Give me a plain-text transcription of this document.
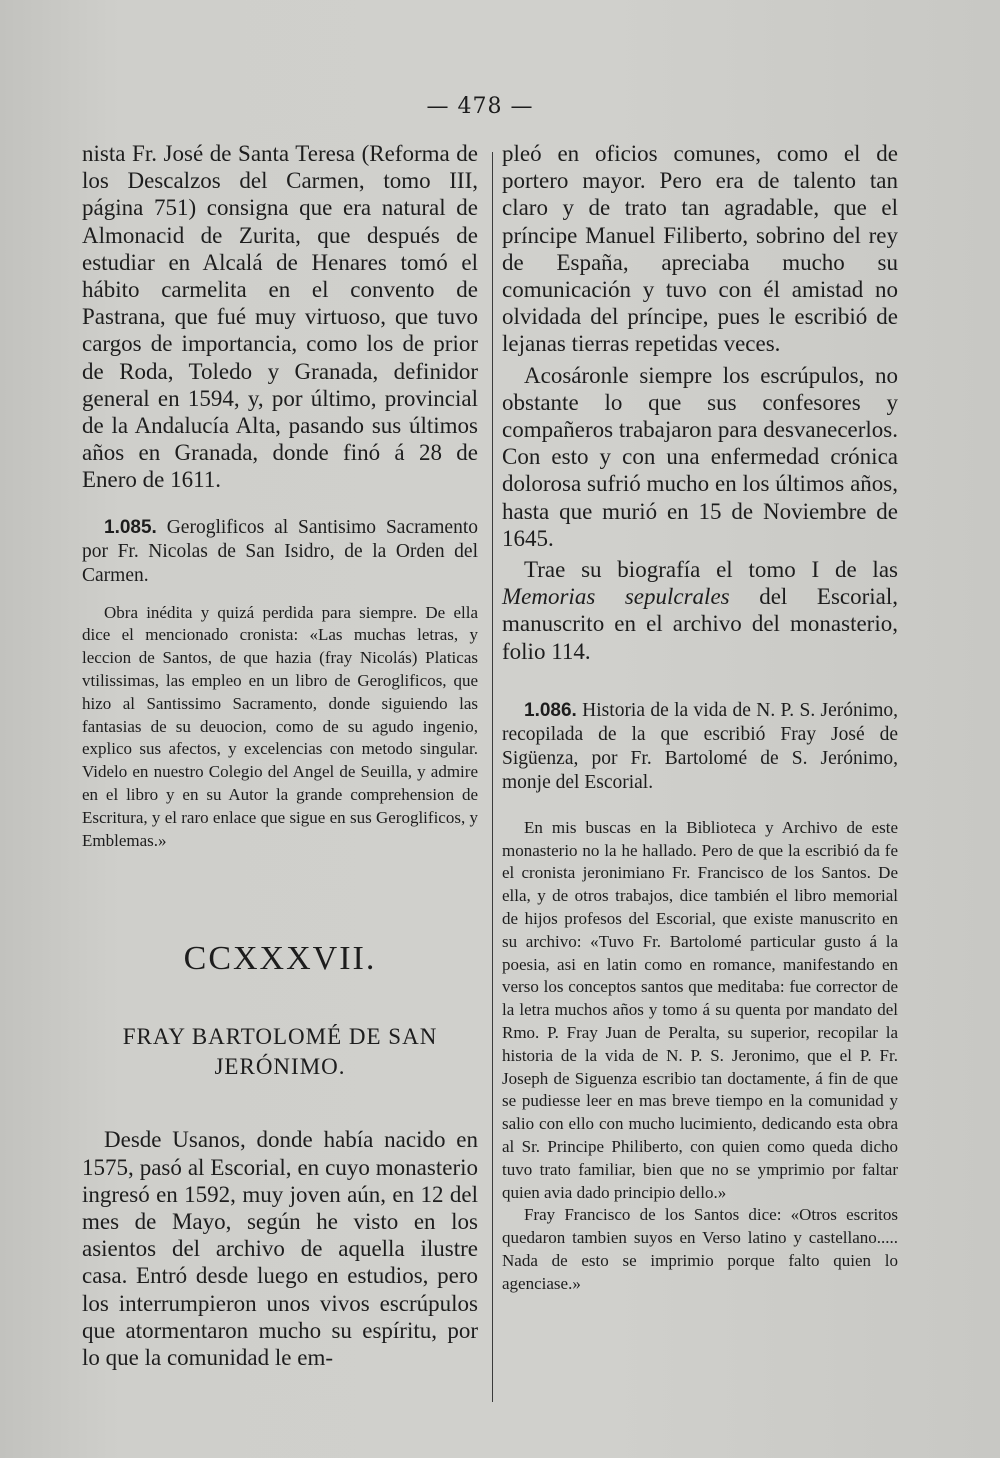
— 478 —

nista Fr. José de Santa Teresa (Reforma de los Descalzos del Carmen, tomo III, página 751) consigna que era natural de Almonacid de Zurita, que después de estudiar en Alcalá de Henares tomó el hábito carmelita en el convento de Pastrana, que fué muy virtuoso, que tuvo cargos de importancia, como los de prior de Roda, Toledo y Granada, definidor general en 1594, y, por último, provincial de la Andalucía Alta, pasando sus últimos años en Granada, donde finó á 28 de Enero de 1611.

1.085. Geroglificos al Santisimo Sacramento por Fr. Nicolas de San Isidro, de la Orden del Carmen.

Obra inédita y quizá perdida para siempre. De ella dice el mencionado cronista: «Las muchas letras, y leccion de Santos, de que hazia (fray Nicolás) Platicas vtilissimas, las empleo en un libro de Geroglificos, que hizo al Santissimo Sacramento, donde siguiendo las fantasias de su deuocion, como de su agudo ingenio, explico sus afectos, y excelencias con metodo singular. Videlo en nuestro Colegio del Angel de Seuilla, y admire en el libro y en su Autor la grande comprehension de Escritura, y el raro enlace que sigue en sus Geroglificos, y Emblemas.»

CCXXXVII.

FRAY BARTOLOMÉ DE SAN

JERÓNIMO.

Desde Usanos, donde había nacido en 1575, pasó al Escorial, en cuyo monasterio ingresó en 1592, muy joven aún, en 12 del mes de Mayo, según he visto en los asientos del archivo de aquella ilustre casa. Entró desde luego en estudios, pero los interrumpieron unos vivos escrúpulos que atormentaron mucho su espíritu, por lo que la comunidad le em-

pleó en oficios comunes, como el de portero mayor. Pero era de talento tan claro y de trato tan agradable, que el príncipe Manuel Filiberto, sobrino del rey de España, apreciaba mucho su comunicación y tuvo con él amistad no olvidada del príncipe, pues le escribió de lejanas tierras repetidas veces.

Acosáronle siempre los escrúpulos, no obstante lo que sus confesores y compañeros trabajaron para desvanecerlos. Con esto y con una enfermedad crónica dolorosa sufrió mucho en los últimos años, hasta que murió en 15 de Noviembre de 1645.

Trae su biografía el tomo I de las Memorias sepulcrales del Escorial, manuscrito en el archivo del monasterio, folio 114.

1.086. Historia de la vida de N. P. S. Jerónimo, recopilada de la que escribió Fray José de Sigüenza, por Fr. Bartolomé de S. Jerónimo, monje del Escorial.

En mis buscas en la Biblioteca y Archivo de este monasterio no la he hallado. Pero de que la escribió da fe el cronista jeronimiano Fr. Francisco de los Santos. De ella, y de otros trabajos, dice también el libro memorial de hijos profesos del Escorial, que existe manuscrito en su archivo: «Tuvo Fr. Bartolomé particular gusto á la poesia, asi en latin como en romance, manifestando en verso los conceptos santos que meditaba: fue corrector de la letra muchos años y tomo á su quenta por mandato del Rmo. P. Fray Juan de Peralta, su superior, recopilar la historia de la vida de N. P. S. Jeronimo, que el P. Fr. Joseph de Siguenza escribio tan doctamente, á fin de que se pudiesse leer en mas breve tiempo en la comunidad y salio con ello con mucho lucimiento, dedicando esta obra al Sr. Principe Philiberto, con quien como queda dicho tuvo trato familiar, bien que no se ymprimio por faltar quien avia dado principio dello.»

Fray Francisco de los Santos dice: «Otros escritos quedaron tambien suyos en Verso latino y castellano..... Nada de esto se imprimio porque falto quien lo agenciase.»
